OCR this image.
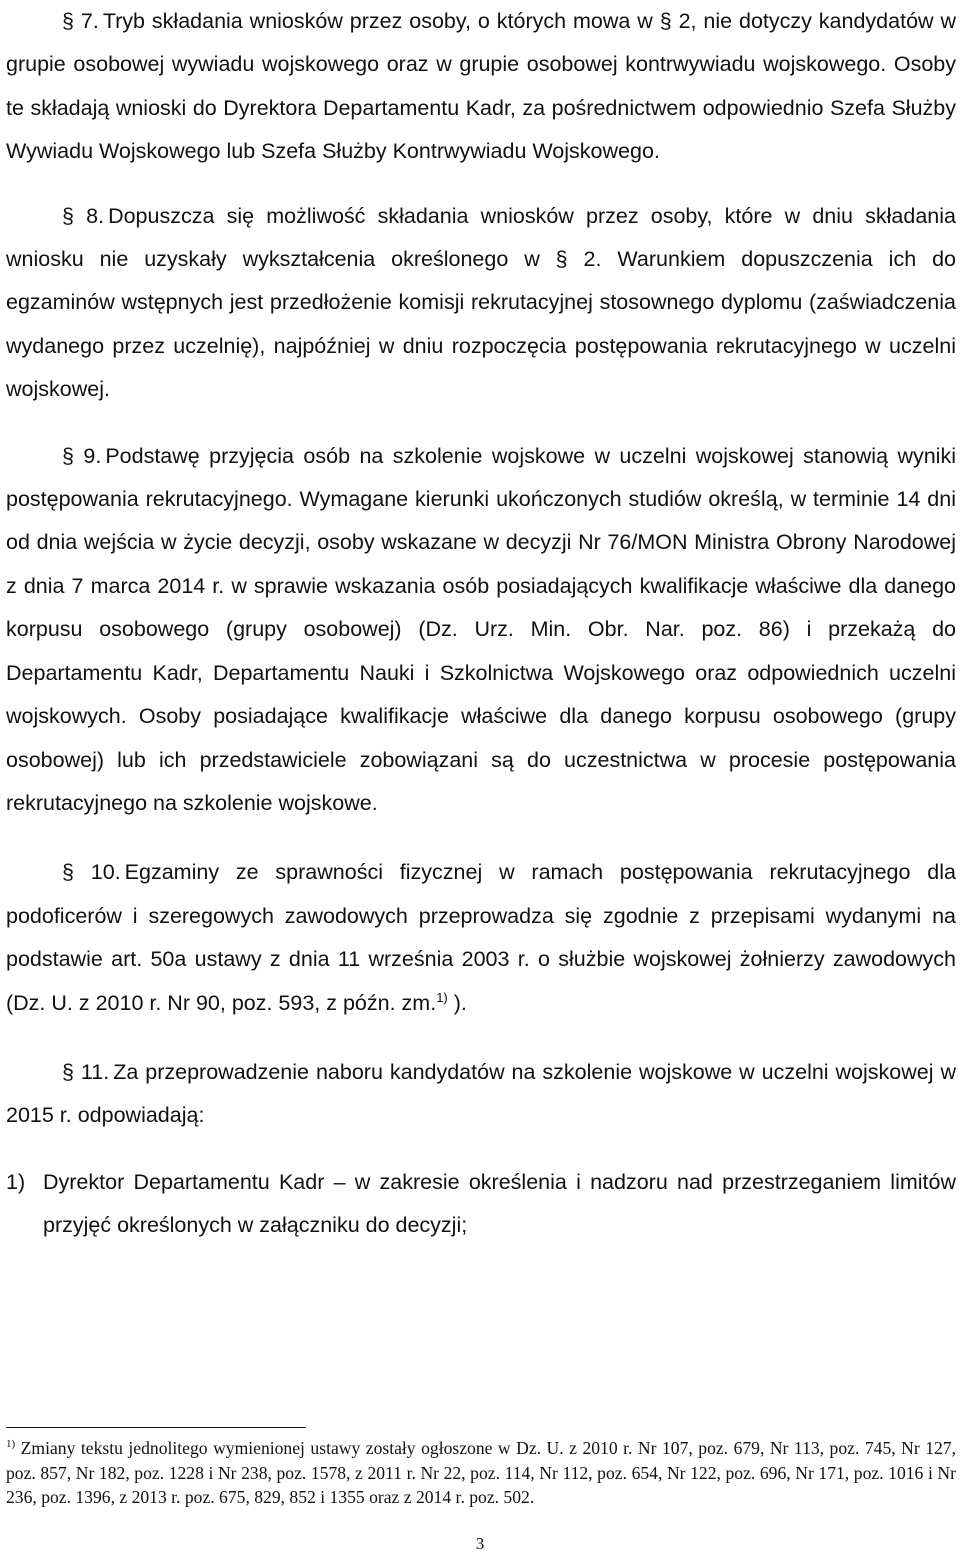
§ 7. Tryb składania wniosków przez osoby, o których mowa w § 2, nie dotyczy kandydatów w grupie osobowej wywiadu wojskowego oraz w grupie osobowej kontrwywiadu wojskowego. Osoby te składają wnioski do Dyrektora Departamentu Kadr, za pośrednictwem odpowiednio Szefa Służby Wywiadu Wojskowego lub Szefa Służby Kontrwywiadu Wojskowego.

§ 8. Dopuszcza się możliwość składania wniosków przez osoby, które w dniu składania wniosku nie uzyskały wykształcenia określonego w § 2. Warunkiem dopuszczenia ich do egzaminów wstępnych jest przedłożenie komisji rekrutacyjnej stosownego dyplomu (zaświadczenia wydanego przez uczelnię), najpóźniej w dniu rozpoczęcia postępowania rekrutacyjnego w uczelni wojskowej.

§ 9. Podstawę przyjęcia osób na szkolenie wojskowe w uczelni wojskowej stanowią wyniki postępowania rekrutacyjnego. Wymagane kierunki ukończonych studiów określą, w terminie 14 dni od dnia wejścia w życie decyzji, osoby wskazane w decyzji Nr 76/MON Ministra Obrony Narodowej z dnia 7 marca 2014 r. w sprawie wskazania osób posiadających kwalifikacje właściwe dla danego korpusu osobowego (grupy osobowej) (Dz. Urz. Min. Obr. Nar. poz. 86) i przekażą do Departamentu Kadr, Departamentu Nauki i Szkolnictwa Wojskowego oraz odpowiednich uczelni wojskowych. Osoby posiadające kwalifikacje właściwe dla danego korpusu osobowego (grupy osobowej) lub ich przedstawiciele zobowiązani są do uczestnictwa w procesie postępowania rekrutacyjnego na szkolenie wojskowe.

§ 10. Egzaminy ze sprawności fizycznej w ramach postępowania rekrutacyjnego dla podoficerów i szeregowych zawodowych przeprowadza się zgodnie z przepisami wydanymi na podstawie art. 50a ustawy z dnia 11 września 2003 r. o służbie wojskowej żołnierzy zawodowych (Dz. U. z 2010 r. Nr 90, poz. 593, z późn. zm.$^{1)}$ ).

§ 11. Za przeprowadzenie naboru kandydatów na szkolenie wojskowe w uczelni wojskowej w 2015 r. odpowiadają:

1) Dyrektor Departamentu Kadr – w zakresie określenia i nadzoru nad przestrzeganiem limitów przyjęć określonych w załączniku do decyzji;

$^{1)}$ Zmiany tekstu jednolitego wymienionej ustawy zostały ogłoszone w Dz. U. z 2010 r. Nr 107, poz. 679, Nr 113, poz. 745, Nr 127, poz. 857, Nr 182, poz. 1228 i Nr 238, poz. 1578, z 2011 r. Nr 22, poz. 114, Nr 112, poz. 654, Nr 122, poz. 696, Nr 171, poz. 1016 i Nr 236, poz. 1396, z 2013 r. poz. 675, 829, 852 i 1355 oraz z 2014 r. poz. 502.

3
